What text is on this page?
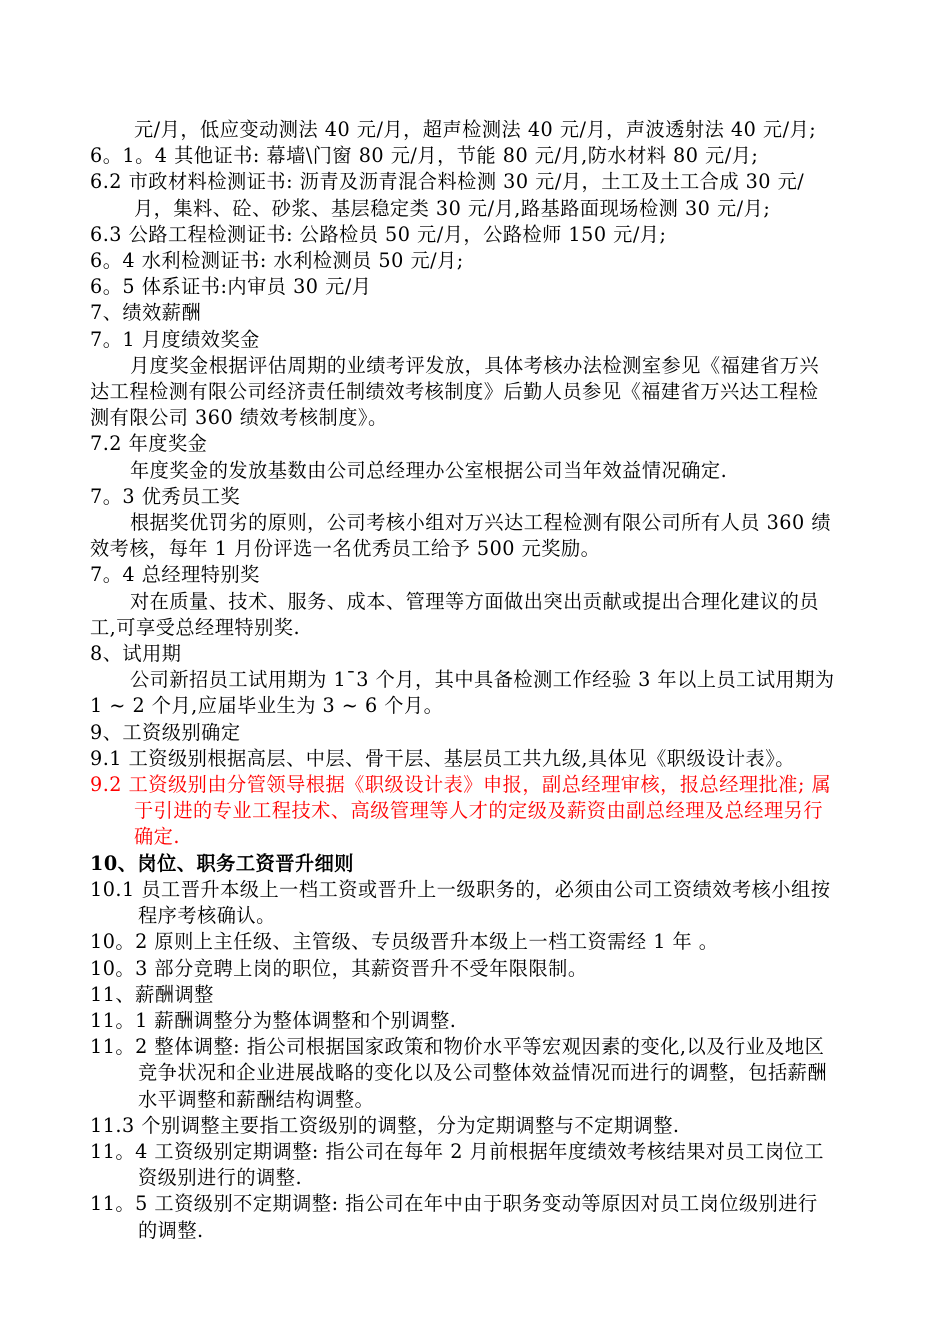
元/月，低应变动测法 40 元/月，超声检测法 40 元/月，声波透射法 40 元/月;

6。1。4 其他证书: 幕墙\门窗 80 元/月，节能 80 元/月,防水材料 80 元/月;

6.2 市政材料检测证书: 沥青及沥青混合料检测 30 元/月，土工及土工合成 30 元/月，集料、砼、砂浆、基层稳定类 30 元/月,路基路面现场检测 30 元/月;

6.3 公路工程检测证书: 公路检员 50 元/月，公路检师 150 元/月;

6。4 水利检测证书: 水利检测员 50 元/月;

6。5 体系证书:内审员 30 元/月

7、绩效薪酬

7。1 月度绩效奖金

月度奖金根据评估周期的业绩考评发放，具体考核办法检测室参见《福建省万兴达工程检测有限公司经济责任制绩效考核制度》后勤人员参见《福建省万兴达工程检测有限公司 360 绩效考核制度》。

7.2 年度奖金

年度奖金的发放基数由公司总经理办公室根据公司当年效益情况确定.

7。3 优秀员工奖

根据奖优罚劣的原则，公司考核小组对万兴达工程检测有限公司所有人员 360 绩效考核，每年 1 月份评选一名优秀员工给予 500 元奖励。

7。4 总经理特别奖

对在质量、技术、服务、成本、管理等方面做出突出贡献或提出合理化建议的员工,可享受总经理特别奖.

8、试用期

公司新招员工试用期为 1¯3 个月，其中具备检测工作经验 3 年以上员工试用期为 1 ~ 2 个月,应届毕业生为 3 ~ 6 个月。

9、工资级别确定

9.1 工资级别根据高层、中层、骨干层、基层员工共九级,具体见《职级设计表》。

9.2 工资级别由分管领导根据《职级设计表》申报，副总经理审核，报总经理批准; 属于引进的专业工程技术、高级管理等人才的定级及薪资由副总经理及总经理另行确定.

10、岗位、职务工资晋升细则

10.1 员工晋升本级上一档工资或晋升上一级职务的，必须由公司工资绩效考核小组按程序考核确认。

10。2 原则上主任级、主管级、专员级晋升本级上一档工资需经 1 年 。

10。3 部分竞聘上岗的职位，其薪资晋升不受年限限制。

11、薪酬调整

11。1 薪酬调整分为整体调整和个别调整.

11。2 整体调整: 指公司根据国家政策和物价水平等宏观因素的变化,以及行业及地区竞争状况和企业进展战略的变化以及公司整体效益情况而进行的调整，包括薪酬水平调整和薪酬结构调整。

11.3 个别调整主要指工资级别的调整，分为定期调整与不定期调整.

11。4 工资级别定期调整: 指公司在每年 2 月前根据年度绩效考核结果对员工岗位工资级别进行的调整.

11。5 工资级别不定期调整: 指公司在年中由于职务变动等原因对员工岗位级别进行的调整.
